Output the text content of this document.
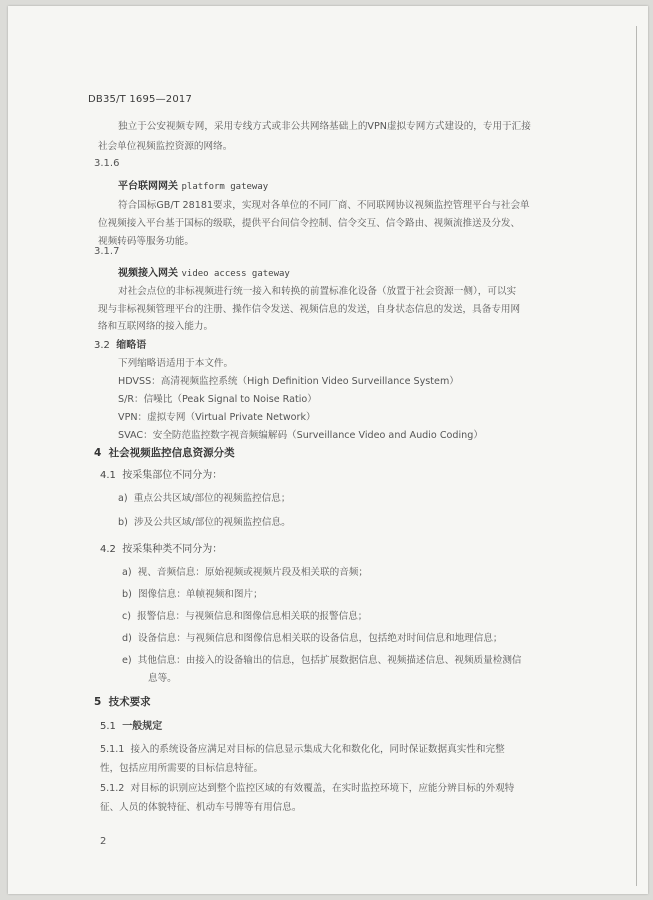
DB35/T 1695—2017
独立于公安视频专网，采用专线方式或非公共网络基础上的VPN虚拟专网方式建设的，专用于汇接
社会单位视频监控资源的网络。
3.1.6
平台联网网关 platform gateway
符合国标GB/T 28181要求，实现对各单位的不同厂商、不同联网协议视频监控管理平台与社会单
位视频接入平台基于国标的级联，提供平台间信令控制、信令交互、信令路由、视频流推送及分发、
视频转码等服务功能。
3.1.7
视频接入网关 video access gateway
对社会点位的非标视频进行统一接入和转换的前置标准化设备（放置于社会资源一侧），可以实
现与非标视频管理平台的注册、操作信令发送、视频信息的发送，自身状态信息的发送，具备专用网
络和互联网络的接入能力。
3.2 缩略语
下列缩略语适用于本文件。
HDVSS：高清视频监控系统（High Definition Video Surveillance System）
S/R：信噪比（Peak Signal to Noise Ratio）
VPN：虚拟专网（Virtual Private Network）
SVAC：安全防范监控数字视音频编解码（Surveillance Video and Audio Coding）
4 社会视频监控信息资源分类
4.1 按采集部位不同分为：
a) 重点公共区域/部位的视频监控信息；
b) 涉及公共区域/部位的视频监控信息。
4.2 按采集种类不同分为：
a) 视、音频信息：原始视频或视频片段及相关联的音频；
b) 图像信息：单帧视频和图片；
c) 报警信息：与视频信息和图像信息相关联的报警信息；
d) 设备信息：与视频信息和图像信息相关联的设备信息，包括绝对时间信息和地理信息；
e) 其他信息：由接入的设备输出的信息，包括扩展数据信息、视频描述信息、视频质量检测信
息等。
5 技术要求
5.1 一般规定
5.1.1 接入的系统设备应满足对目标的信息显示集成大化和数化化，同时保证数据真实性和完整
性，包括应用所需要的目标信息特征。
5.1.2 对目标的识别应达到整个监控区域的有效覆盖，在实时监控环境下，应能分辨目标的外观特
征、人员的体貌特征、机动车号牌等有用信息。
2
